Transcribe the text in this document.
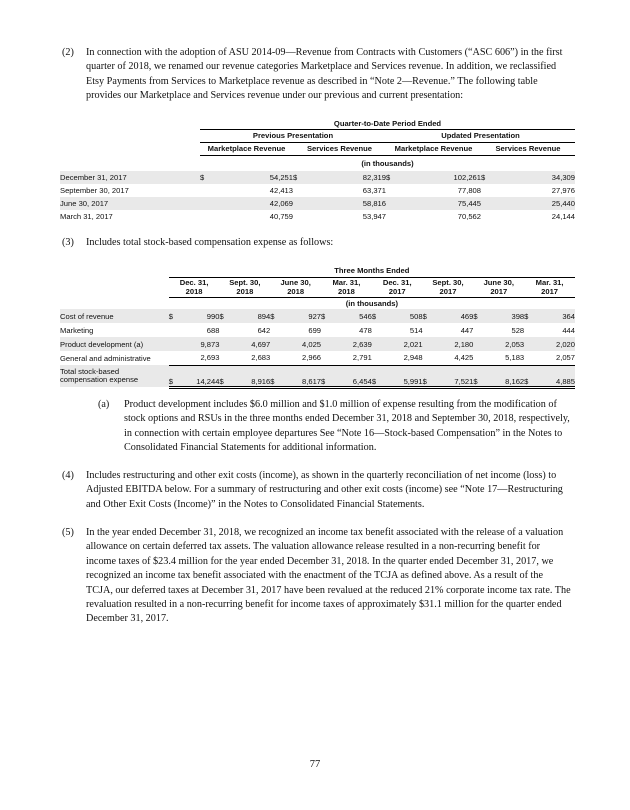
(2) In connection with the adoption of ASU 2014-09—Revenue from Contracts with Customers (“ASC 606”) in the first quarter of 2018, we renamed our revenue categories Marketplace and Services revenue. In addition, we reclassified Etsy Payments from Services to Marketplace revenue as described in “Note 2—Revenue.” The following table provides our Marketplace and Services revenue under our previous and current presentation:
	Quarter-to-Date Period Ended							
	Previous Presentation				Updated Presentation			
	Marketplace Revenue		Services Revenue		Marketplace Revenue		Services Revenue	
	(in thousands)							
December 31, 2017	$	54,251	$	82,319	$	102,261	$	34,309
September 30, 2017		42,413		63,371		77,808		27,976
June 30, 2017		42,069		58,816		75,445		25,440
March 31, 2017		40,759		53,947		70,562		24,144
(3) Includes total stock-based compensation expense as follows:
	Three Months Ended															
	Dec. 31,
2018		Sept. 30,
2018		June 30,
2018		Mar. 31,
2018		Dec. 31,
2017		Sept. 30,
2017		June 30,
2017		Mar. 31,
2017	
	(in thousands)															
Cost of revenue	$	990	$	894	$	927	$	546	$	508	$	469	$	398	$	364
Marketing		688		642		699		478		514		447		528		444
Product development (a)		9,873		4,697		4,025		2,639		2,021		2,180		2,053		2,020
General and administrative		2,693		2,683		2,966		2,791		2,948		4,425		5,183		2,057
Total stock-based
compensation expense	$	14,244	$	8,916	$	8,617	$	6,454	$	5,991	$	7,521	$	8,162	$	4,885
(a) Product development includes $6.0 million and $1.0 million of expense resulting from the modification of stock options and RSUs in the three months ended December 31, 2018 and September 30, 2018, respectively, in connection with certain employee departures See “Note 16—Stock-based Compensation” in the Notes to Consolidated Financial Statements for additional information.
(4) Includes restructuring and other exit costs (income), as shown in the quarterly reconciliation of net income (loss) to Adjusted EBITDA below. For a summary of restructuring and other exit costs (income) see “Note 17—Restructuring and Other Exit Costs (Income)” in the Notes to Consolidated Financial Statements.
(5) In the year ended December 31, 2018, we recognized an income tax benefit associated with the release of a valuation allowance on certain deferred tax assets. The valuation allowance release resulted in a non-recurring benefit for income taxes of $23.4 million for the year ended December 31, 2018. In the quarter ended December 31, 2017, we recognized an income tax benefit associated with the enactment of the TCJA as defined above. As a result of the TCJA, our deferred taxes at December 31, 2017 have been revalued at the reduced 21% corporate income tax rate. The revaluation resulted in a non-recurring benefit for income taxes of approximately $31.1 million for the quarter ended December 31, 2017.
77
